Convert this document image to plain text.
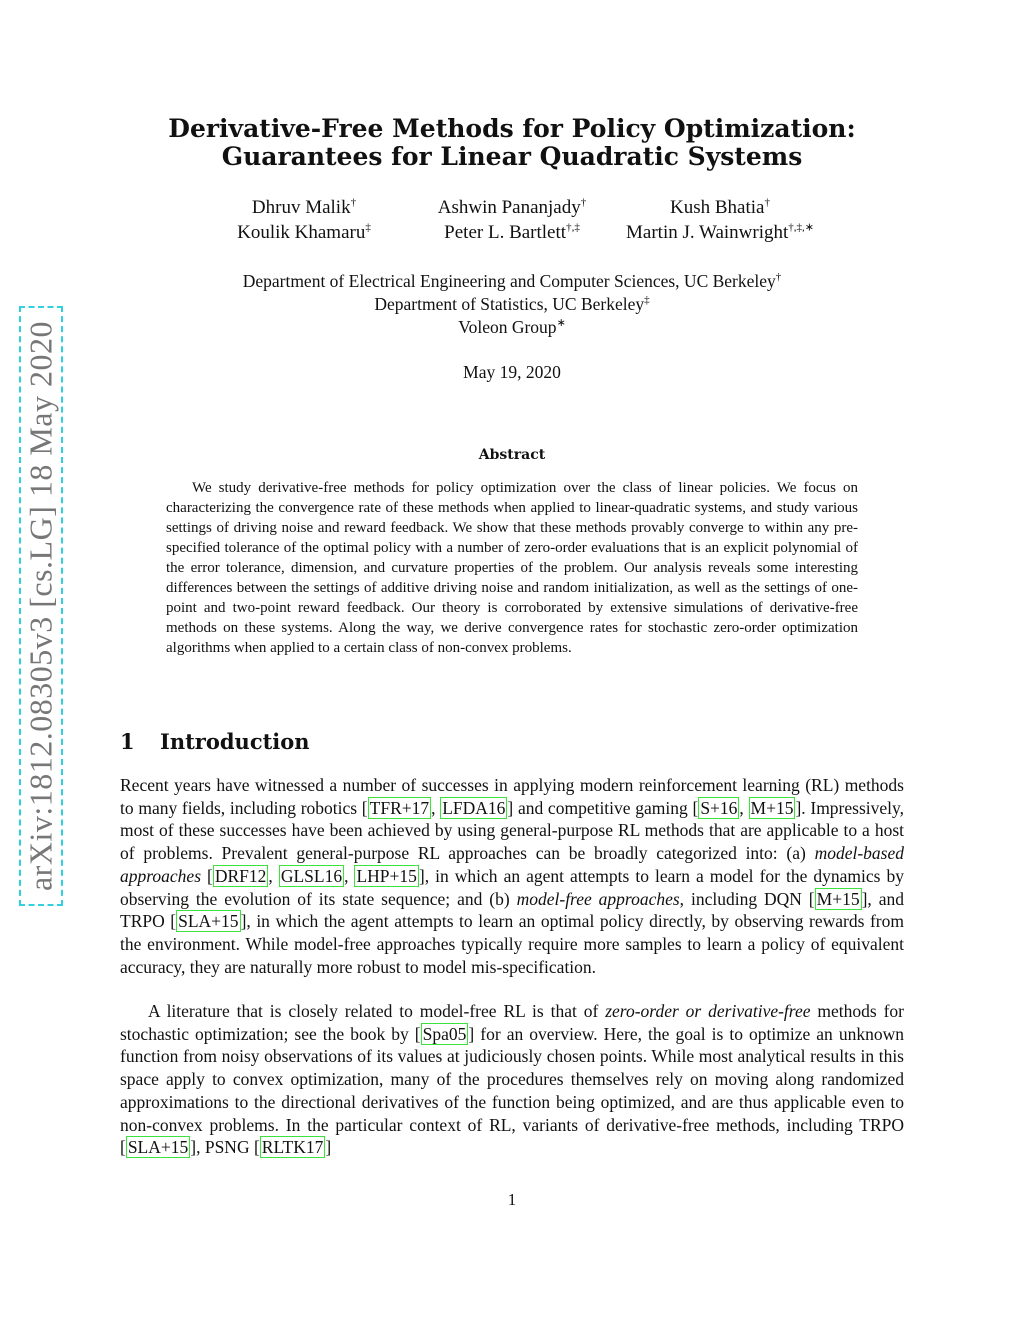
arXiv:1812.08305v3 [cs.LG] 18 May 2020
Derivative-Free Methods for Policy Optimization:
Guarantees for Linear Quadratic Systems
Dhruv Malik†	Ashwin Pananjady†	Kush Bhatia†
Koulik Khamaru‡	Peter L. Bartlett†,‡	Martin J. Wainwright†,‡,∗
Department of Electrical Engineering and Computer Sciences, UC Berkeley†
Department of Statistics, UC Berkeley‡
Voleon Group∗
May 19, 2020
Abstract

We study derivative-free methods for policy optimization over the class of linear policies. We focus on characterizing the convergence rate of these methods when applied to linear-quadratic systems, and study various settings of driving noise and reward feedback. We show that these methods provably converge to within any pre-specified tolerance of the optimal policy with a number of zero-order evaluations that is an explicit polynomial of the error tolerance, dimension, and curvature properties of the problem. Our analysis reveals some interesting differences between the settings of additive driving noise and random initialization, as well as the settings of one-point and two-point reward feedback. Our theory is corroborated by extensive simulations of derivative-free methods on these systems. Along the way, we derive convergence rates for stochastic zero-order optimization algorithms when applied to a certain class of non-convex problems.

1 Introduction

Recent years have witnessed a number of successes in applying modern reinforcement learning (RL) methods to many fields, including robotics [ TFR+17 , LFDA16 ] and competitive gaming [ S+16 , M+15 ]. Impressively, most of these successes have been achieved by using general-purpose RL methods that are applicable to a host of problems. Prevalent general-purpose RL approaches can be broadly categorized into: (a) model-based approaches [ DRF12 , GLSL16 , LHP+15 ], in which an agent attempts to learn a model for the dynamics by observing the evolution of its state sequence; and (b) model-free approaches, including DQN [ M+15 ], and TRPO [ SLA+15 ], in which the agent attempts to learn an optimal policy directly, by observing rewards from the environment. While model-free approaches typically require more samples to learn a policy of equivalent accuracy, they are naturally more robust to model mis-specification.

A literature that is closely related to model-free RL is that of zero-order or derivative-free methods for stochastic optimization; see the book by [ Spa05 ] for an overview. Here, the goal is to optimize an unknown function from noisy observations of its values at judiciously chosen points. While most analytical results in this space apply to convex optimization, many of the procedures themselves rely on moving along randomized approximations to the directional derivatives of the function being optimized, and are thus applicable even to non-convex problems. In the particular context of RL, variants of derivative-free methods, including TRPO [ SLA+15 ], PSNG [ RLTK17 ]

1
